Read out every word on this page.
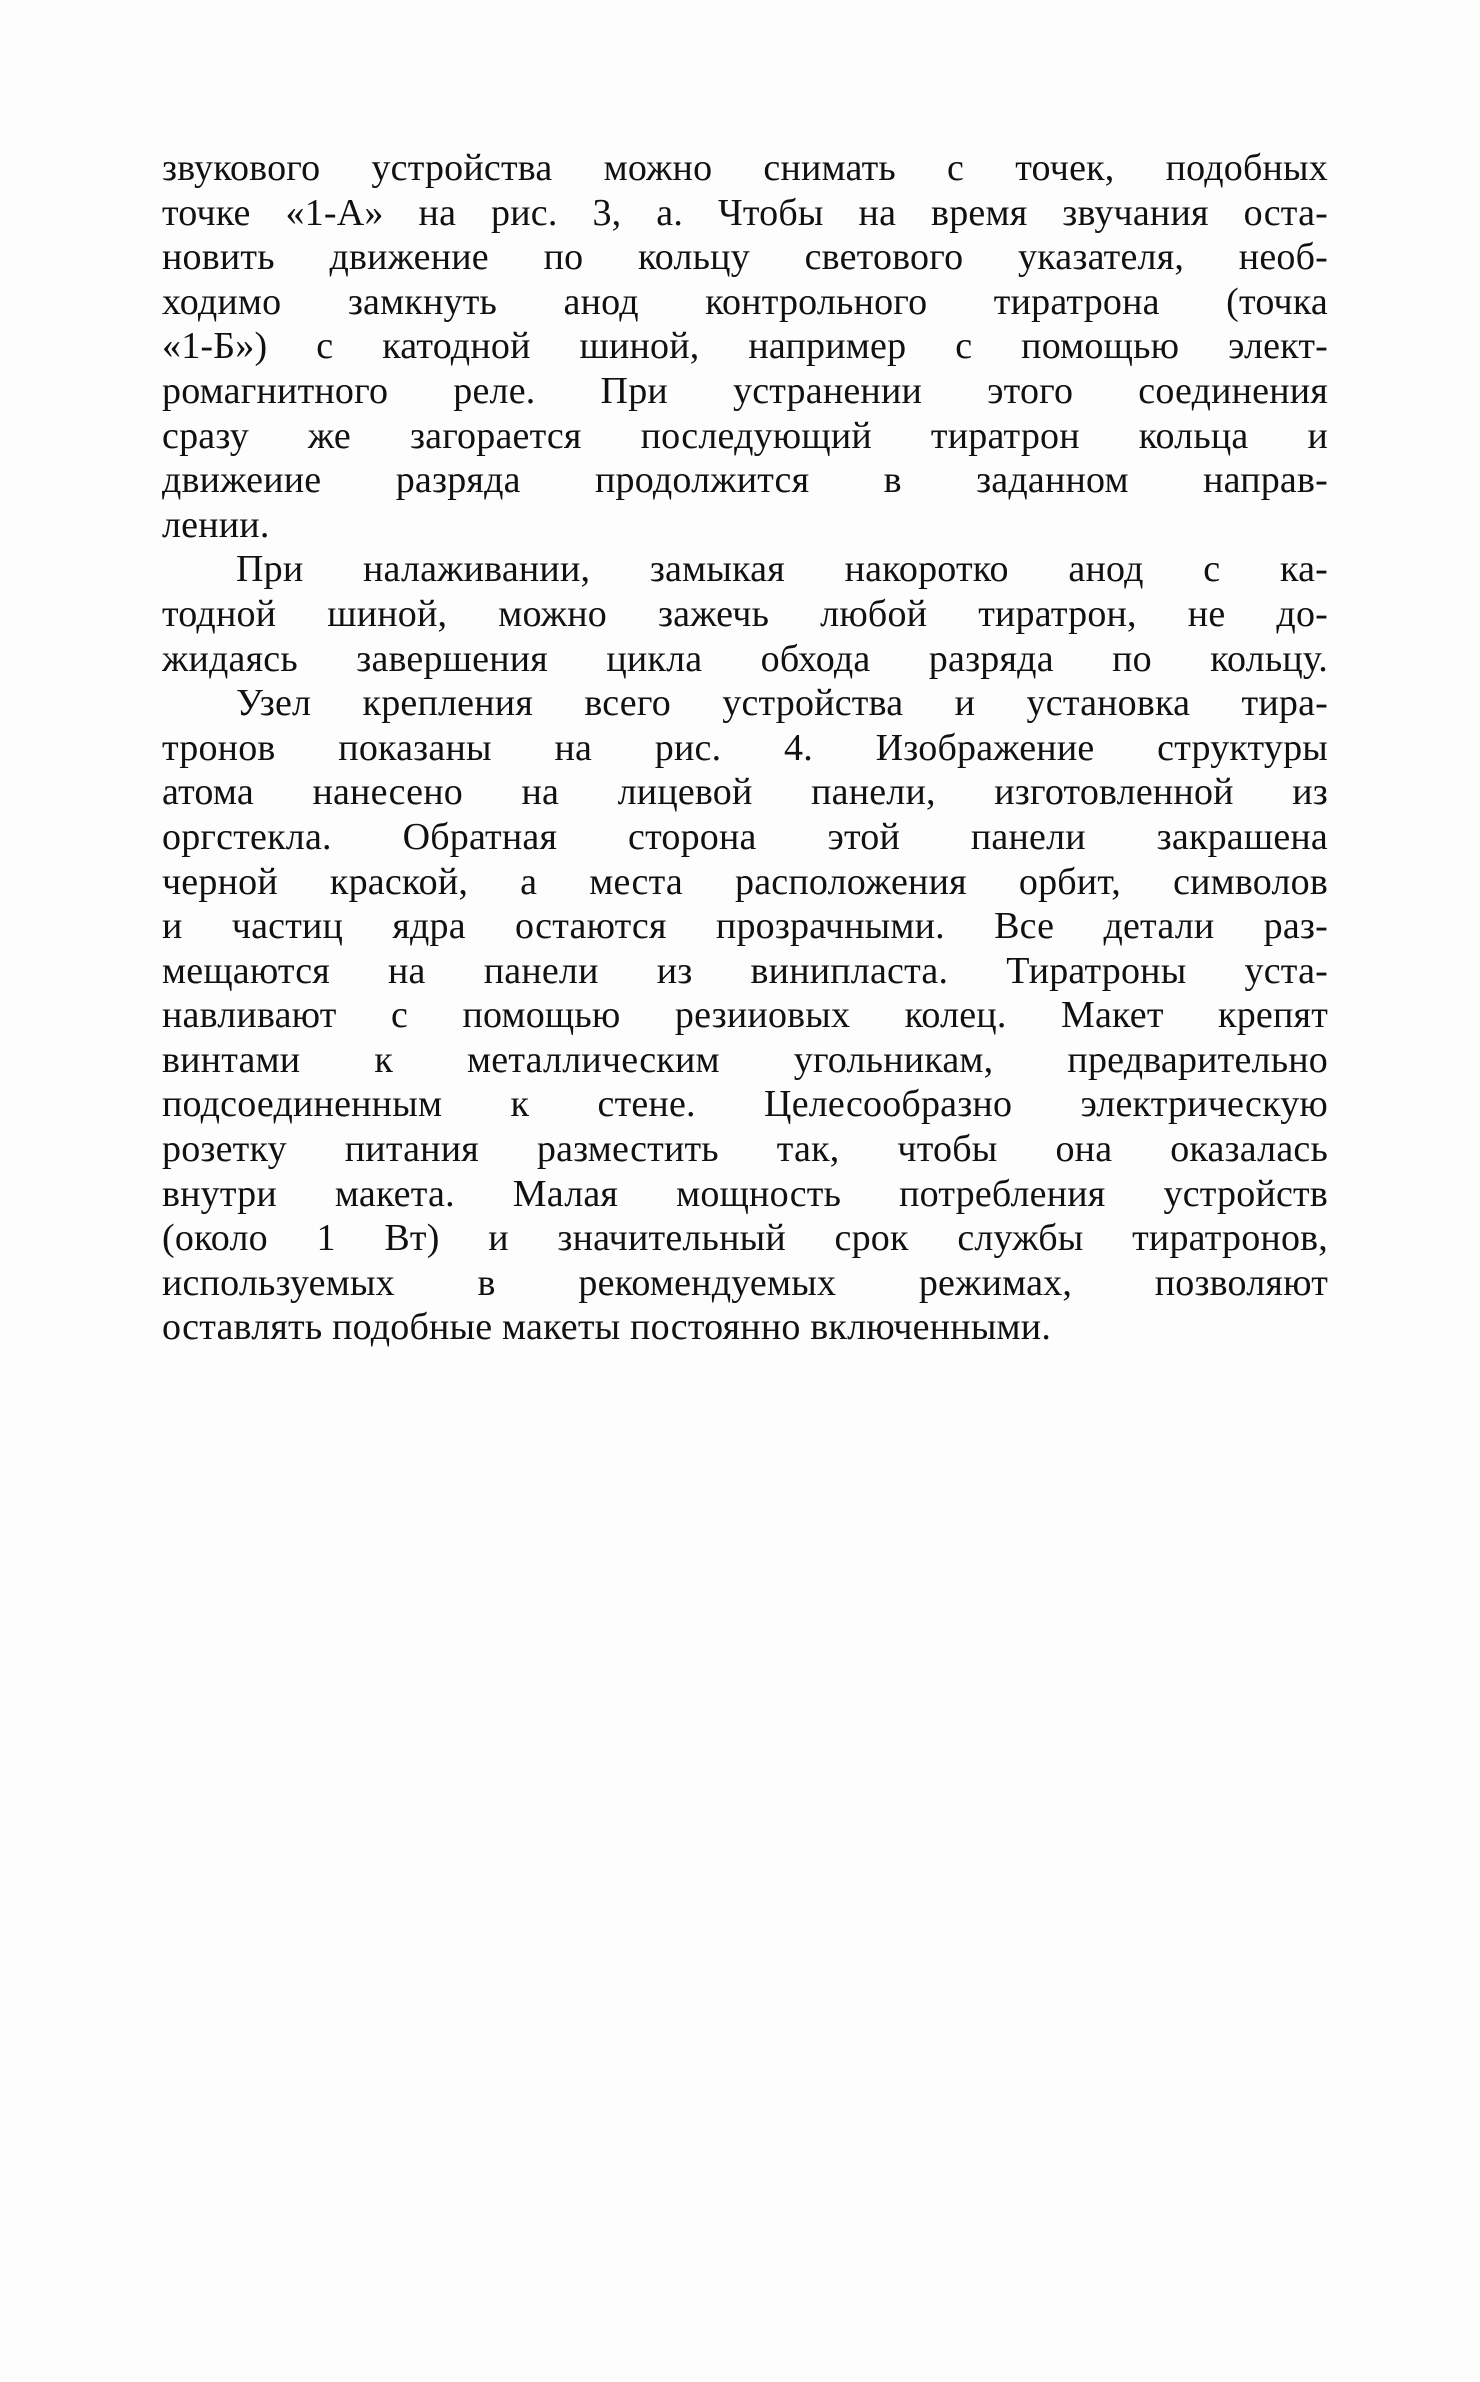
звукового устройства можно снимать с точек, подобных
точке «1-А» на рис. 3, а. Чтобы на время звучания оста-
новить движение по кольцу светового указателя, необ-
ходимо замкнуть анод контрольного тиратрона (точка
«1-Б») с катодной шиной, например с помощью элект-
ромагнитного реле. При устранении этого соединения
сразу же загорается последующий тиратрон кольца и
движеиие разряда продолжится в заданном направ-
лении.
При налаживании, замыкая накоротко анод с ка-
тодной шиной, можно зажечь любой тиратрон, не до-
жидаясь завершения цикла обхода разряда по кольцу.
Узел крепления всего устройства и установка тира-
тронов показаны на рис. 4. Изображение структуры
атома нанесено на лицевой панели, изготовленной из
оргстекла. Обратная сторона этой панели закрашена
черной краской, а места расположения орбит, символов
и частиц ядра остаются прозрачными. Все детали раз-
мещаются на панели из винипласта. Тиратроны уста-
навливают с помощью резииовых колец. Макет крепят
винтами к металлическим угольникам, предварительно
подсоединенным к стене. Целесообразно электрическую
розетку питания разместить так, чтобы она оказалась
внутри макета. Малая мощность потребления устройств
(около 1 Вт) и значительный срок службы тиратронов,
используемых в рекомендуемых режимах, позволяют
оставлять подобные макеты постоянно включенными.
